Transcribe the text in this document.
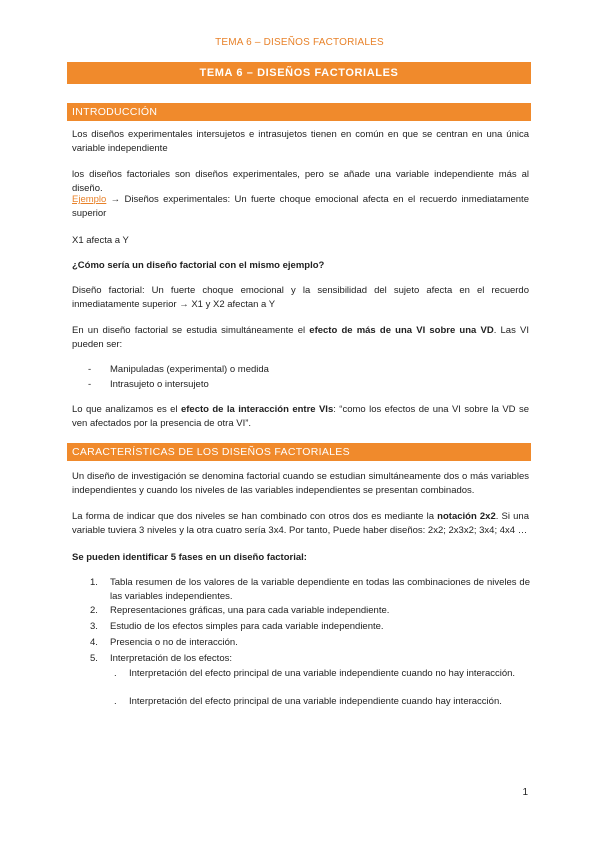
TEMA 6 – DISEÑOS FACTORIALES
TEMA 6 – DISEÑOS FACTORIALES
INTRODUCCIÓN
Los diseños experimentales intersujetos e intrasujetos tienen en común en que se centran en una única variable independiente
los diseños factoriales son diseños experimentales, pero se añade una variable independiente más al diseño.
Ejemplo → Diseños experimentales: Un fuerte choque emocional afecta en el recuerdo inmediatamente superior
X1 afecta a Y
¿Cómo sería un diseño factorial con el mismo ejemplo?
Diseño factorial: Un fuerte choque emocional y la sensibilidad del sujeto afecta en el recuerdo inmediatamente superior → X1 y X2 afectan a Y
En un diseño factorial se estudia simultáneamente el efecto de más de una VI sobre una VD. Las VI pueden ser:
- Manipuladas (experimental) o medida
- Intrasujeto o intersujeto
Lo que analizamos es el efecto de la interacción entre VIs: “como los efectos de una VI sobre la VD se ven afectados por la presencia de otra VI”.
CARACTERÍSTICAS DE LOS DISEÑOS FACTORIALES
Un diseño de investigación se denomina factorial cuando se estudian simultáneamente dos o más variables independientes y cuando los niveles de las variables independientes se presentan combinados.
La forma de indicar que dos niveles se han combinado con otros dos es mediante la notación 2x2. Si una variable tuviera 3 niveles y la otra cuatro sería 3x4. Por tanto, Puede haber diseños: 2x2; 2x3x2; 3x4; 4x4 …
Se pueden identificar 5 fases en un diseño factorial:
1.	Tabla resumen de los valores de la variable dependiente en todas las combinaciones de niveles de las variables independientes.
2.	Representaciones gráficas, una para cada variable independiente.
3.	Estudio de los efectos simples para cada variable independiente.
4.	Presencia o no de interacción.
5.	Interpretación de los efectos:
. Interpretación del efecto principal de una variable independiente cuando no hay interacción.
. Interpretación del efecto principal de una variable independiente cuando hay interacción.
1
